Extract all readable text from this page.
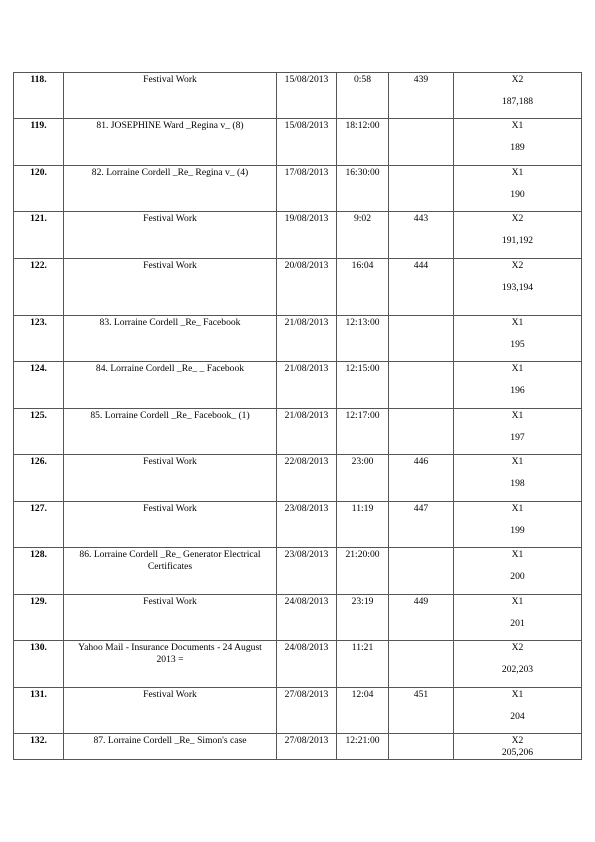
118.	Festival Work	15/08/2013	0:58	439	X2
187,188

119.	81. JOSEPHINE Ward _Regina v_ (8)	15/08/2013	18:12:00		X1
189

120.	82. Lorraine Cordell _Re_ Regina v_ (4)	17/08/2013	16:30:00		X1
190

121.	Festival Work	19/08/2013	9:02	443	X2
191,192

122.	Festival Work	20/08/2013	16:04	444	X2
193,194

123.	83. Lorraine Cordell _Re_ Facebook	21/08/2013	12:13:00		X1
195

124.	84. Lorraine Cordell _Re_ _ Facebook	21/08/2013	12:15:00		X1
196

125.	85. Lorraine Cordell _Re_ Facebook_ (1)	21/08/2013	12:17:00		X1
197

126.	Festival Work	22/08/2013	23:00	446	X1
198

127.	Festival Work	23/08/2013	11:19	447	X1
199

128.	86. Lorraine Cordell _Re_ Generator Electrical Certificates	23/08/2013	21:20:00		X1
200

129.	Festival Work	24/08/2013	23:19	449	X1
201

130.	Yahoo Mail - Insurance Documents - 24 August 2013 =	24/08/2013	11:21		X2
202,203

131.	Festival Work	27/08/2013	12:04	451	X1
204

132.	87. Lorraine Cordell _Re_ Simon's case	27/08/2013	12:21:00		X2
205,206
